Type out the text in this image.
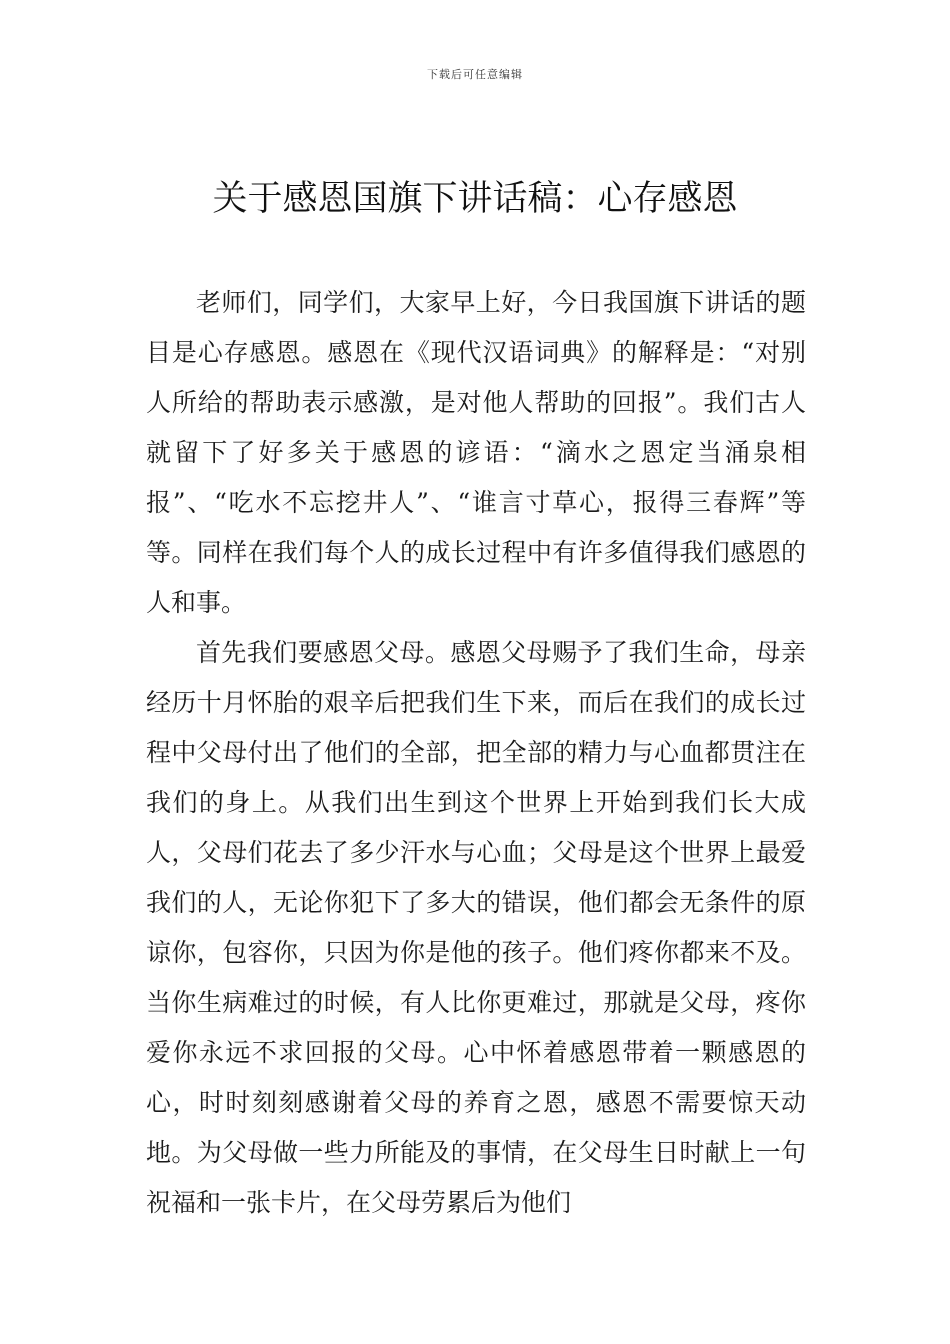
下载后可任意编辑
关于感恩国旗下讲话稿：心存感恩

老师们，同学们，大家早上好，今日我国旗下讲话的题目是心存感恩。感恩在《现代汉语词典》的解释是：“对别人所给的帮助表示感激，是对他人帮助的回报”。我们古人就留下了好多关于感恩的谚语：“滴水之恩定当涌泉相报”、“吃水不忘挖井人”、“谁言寸草心，报得三春辉”等等。同样在我们每个人的成长过程中有许多值得我们感恩的人和事。

首先我们要感恩父母。感恩父母赐予了我们生命，母亲经历十月怀胎的艰辛后把我们生下来，而后在我们的成长过程中父母付出了他们的全部，把全部的精力与心血都贯注在我们的身上。从我们出生到这个世界上开始到我们长大成人，父母们花去了多少汗水与心血；父母是这个世界上最爱我们的人，无论你犯下了多大的错误，他们都会无条件的原谅你，包容你，只因为你是他的孩子。他们疼你都来不及。当你生病难过的时候，有人比你更难过，那就是父母，疼你爱你永远不求回报的父母。心中怀着感恩带着一颗感恩的心，时时刻刻感谢着父母的养育之恩，感恩不需要惊天动地。为父母做一些力所能及的事情，在父母生日时献上一句祝福和一张卡片，在父母劳累后为他们
